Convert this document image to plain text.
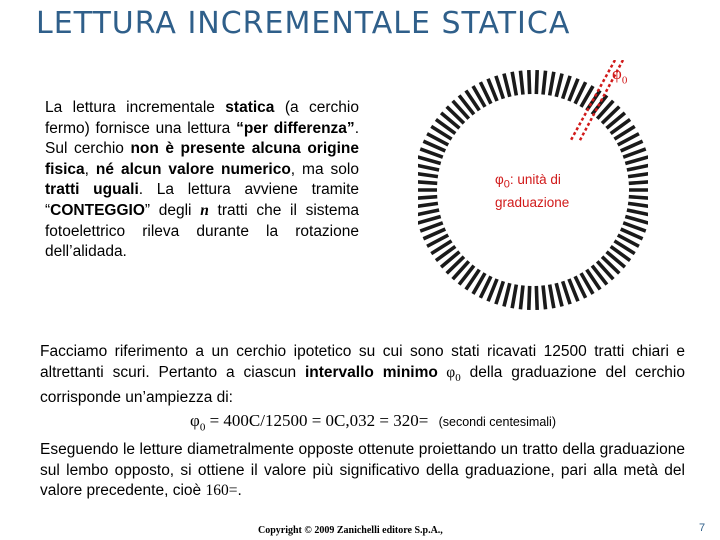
LETTURA INCREMENTALE STATICA

La lettura incrementale statica (a cerchio fermo) fornisce una lettura “per differenza”. Sul cerchio non è presente alcuna origine fisica, né alcun valore numerico, ma solo tratti uguali. La lettura avviene tramite “CONTEGGIO” degli n tratti che il sistema fotoelettrico rileva durante la rotazione dell’alidada.

$\varphi_0$
$\varphi_0$: unità di
graduazione

Facciamo riferimento a un cerchio ipotetico su cui sono stati ricavati 12500 tratti chiari e altrettanti scuri. Pertanto a ciascun intervallo minimo $\varphi_0$ della graduazione del cerchio corrisponde un’ampiezza di:

$\varphi_0 = 400C/12500 = 0C,032 = 320=$ (secondi centesimali)

Eseguendo le letture diametralmente opposte ottenute proiettando un tratto della graduazione sul lembo opposto, si ottiene il valore più significativo della graduazione, pari alla metà del valore precedente, cioè 160=.

Copyright © 2009 Zanichelli editore S.p.A.,	7
